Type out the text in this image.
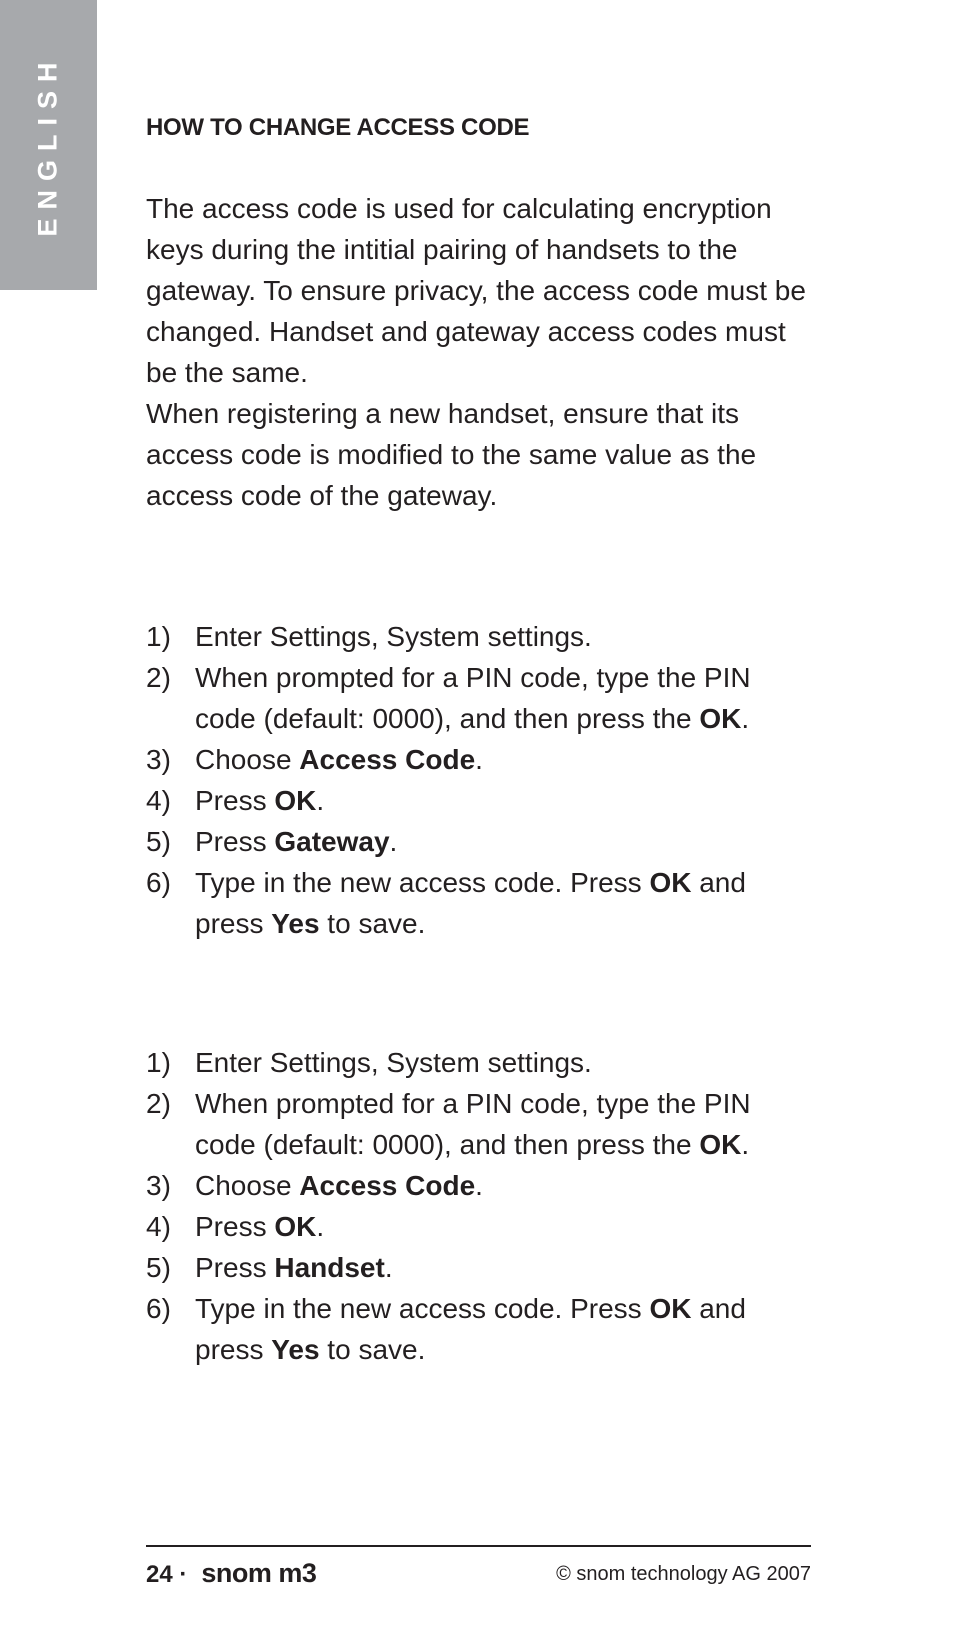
ENGLISH	HOW TO CHANGE ACCESS CODE

The access code is used for calculating encryption keys during the intitial pairing of handsets to the gateway. To ensure privacy, the access code must be changed. Handset and gateway access codes must be the same.

When registering a new handset, ensure that its access code is modified to the same value as the access code of the gateway.

1) Enter Settings, System settings.
2) When prompted for a PIN code, type the PIN code (default: 0000), and then press the OK.
3) Choose Access Code.
4) Press OK.
5) Press Gateway.
6) Type in the new access code. Press OK and press Yes to save.
1) Enter Settings, System settings.
2) When prompted for a PIN code, type the PIN code (default: 0000), and then press the OK.
3) Choose Access Code.
4) Press OK.
5) Press Handset.
6) Type in the new access code. Press OK and press Yes to save.
24 · snom m3	© snom technology AG 2007
